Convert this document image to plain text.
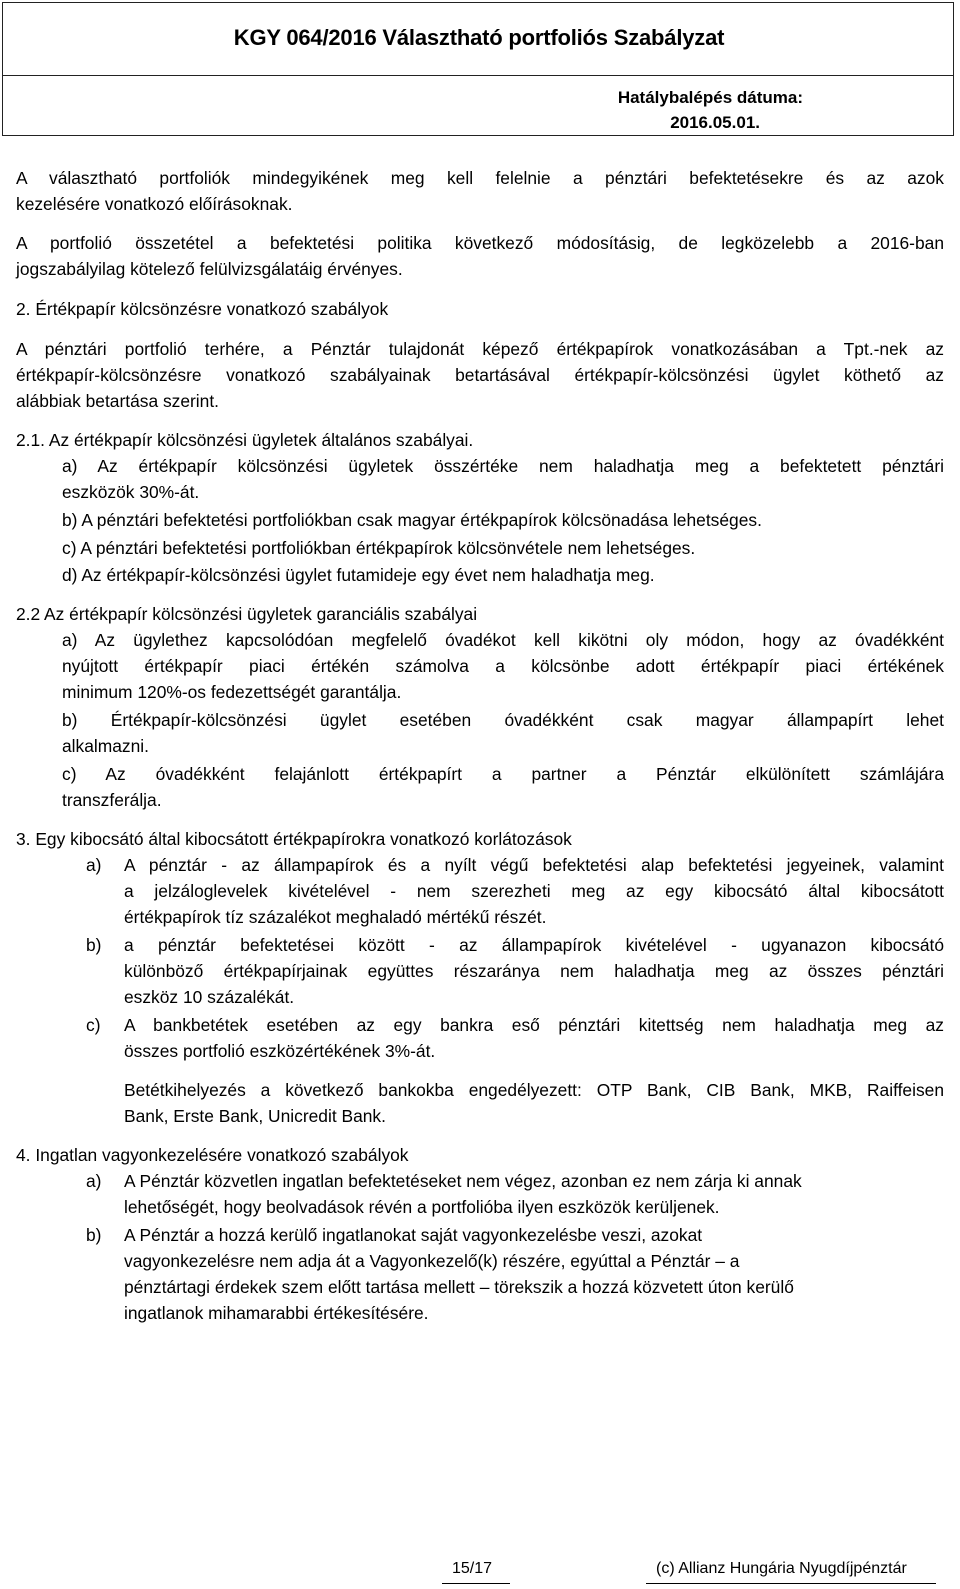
KGY 064/2016 Választható portfoliós Szabályzat
Hatálybalépés dátuma:
2016.05.01.
A választható portfoliók mindegyikének meg kell felelnie a pénztári befektetésekre és az azok
kezelésére vonatkozó előírásoknak.
A portfolió összetétel a befektetési politika következő módosításig, de legközelebb a 2016-ban
jogszabályilag kötelező felülvizsgálatáig érvényes.
2. Értékpapír kölcsönzésre vonatkozó szabályok
A pénztári portfolió terhére, a Pénztár tulajdonát képező értékpapírok vonatkozásában a Tpt.-nek az
értékpapír-kölcsönzésre vonatkozó szabályainak betartásával értékpapír-kölcsönzési ügylet köthető az
alábbiak betartása szerint.
2.1. Az értékpapír kölcsönzési ügyletek általános szabályai.
a) Az értékpapír kölcsönzési ügyletek összértéke nem haladhatja meg a befektetett pénztári
eszközök 30%-át.
b) A pénztári befektetési portfoliókban csak magyar értékpapírok kölcsönadása lehetséges.
c) A pénztári befektetési portfoliókban értékpapírok kölcsönvétele nem lehetséges.
d) Az értékpapír-kölcsönzési ügylet futamideje egy évet nem haladhatja meg.
2.2 Az értékpapír kölcsönzési ügyletek garanciális szabályai
a) Az ügylethez kapcsolódóan megfelelő óvadékot kell kikötni oly módon, hogy az óvadékként
nyújtott értékpapír piaci értékén számolva a kölcsönbe adott értékpapír piaci értékének
minimum 120%-os fedezettségét garantálja.
b) Értékpapír-kölcsönzési ügylet esetében óvadékként csak magyar állampapírt lehet
alkalmazni.
c) Az óvadékként felajánlott értékpapírt a partner a Pénztár elkülönített számlájára
transzferálja.
3. Egy kibocsátó által kibocsátott értékpapírokra vonatkozó korlátozások
a) A pénztár - az állampapírok és a nyílt végű befektetési alap befektetési jegyeinek, valamint
a jelzáloglevelek kivételével - nem szerezheti meg az egy kibocsátó által kibocsátott
értékpapírok tíz százalékot meghaladó mértékű részét.
b) a pénztár befektetései között - az állampapírok kivételével - ugyanazon kibocsátó
különböző értékpapírjainak együttes részaránya nem haladhatja meg az összes pénztári
eszköz 10 százalékát.
c) A bankbetétek esetében az egy bankra eső pénztári kitettség nem haladhatja meg az
összes portfolió eszközértékének 3%-át.
Betétkihelyezés a következő bankokba engedélyezett: OTP Bank, CIB Bank, MKB, Raiffeisen
Bank, Erste Bank, Unicredit Bank.
4. Ingatlan vagyonkezelésére vonatkozó szabályok
a) A Pénztár közvetlen ingatlan befektetéseket nem végez, azonban ez nem zárja ki annak
lehetőségét, hogy beolvadások révén a portfolióba ilyen eszközök kerüljenek.
b) A Pénztár a hozzá kerülő ingatlanokat saját vagyonkezelésbe veszi, azokat
vagyonkezelésre nem adja át a Vagyonkezelő(k) részére, egyúttal a Pénztár – a
pénztártagi érdekek szem előtt tartása mellett – törekszik a hozzá közvetett úton kerülő
ingatlanok mihamarabbi értékesítésére.
15/17	(c) Allianz Hungária Nyugdíjpénztár
